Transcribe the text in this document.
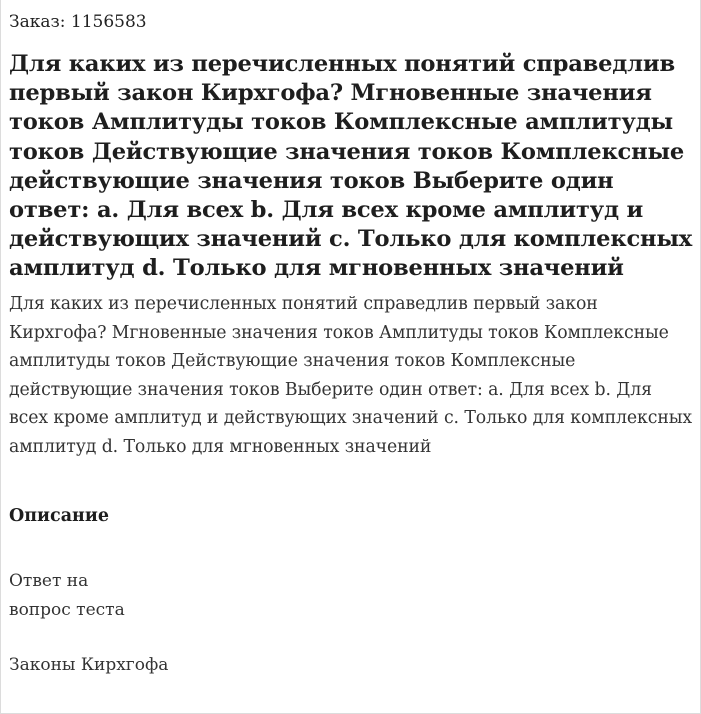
Заказ: 1156583
Для каких из перечисленных понятий справедлив первый закон Кирхгофа? Мгновенные значения токов Амплитуды токов Комплексные амплитуды токов Действующие значения токов Комплексные действующие значения токов Выберите один ответ: a. Для всех b. Для всех кроме амплитуд и действующих значений c. Только для комплексных амплитуд d. Только для мгновенных значений

Для каких из перечисленных понятий справедлив первый закон Кирхгофа? Мгновенные значения токов Амплитуды токов Комплексные амплитуды токов Действующие значения токов Комплексные действующие значения токов Выберите один ответ: a. Для всех b. Для всех кроме амплитуд и действующих значений c. Только для комплексных амплитуд d. Только для мгновенных значений

Описание
Ответ на
вопрос теста
Законы Кирхгофа
